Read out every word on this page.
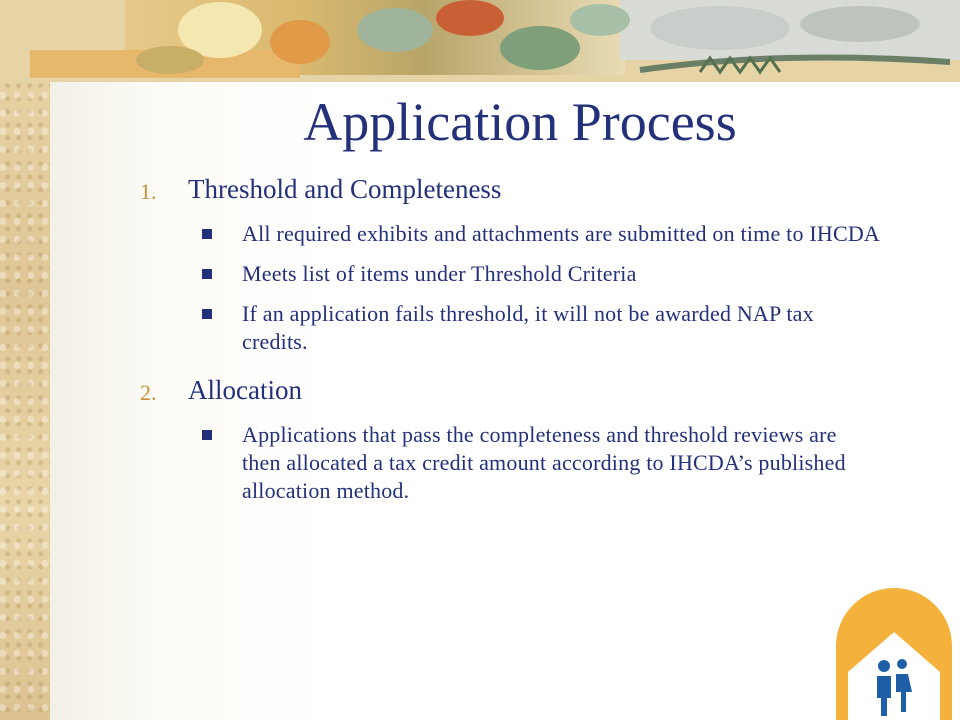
Application Process
1.	Threshold and Completeness
All required exhibits and attachments are submitted on time to IHCDA
Meets list of items under Threshold Criteria
If an application fails threshold, it will not be awarded NAP tax credits.
2.	Allocation
Applications that pass the completeness and threshold reviews are then allocated a tax credit amount according to IHCDA’s published allocation method.
